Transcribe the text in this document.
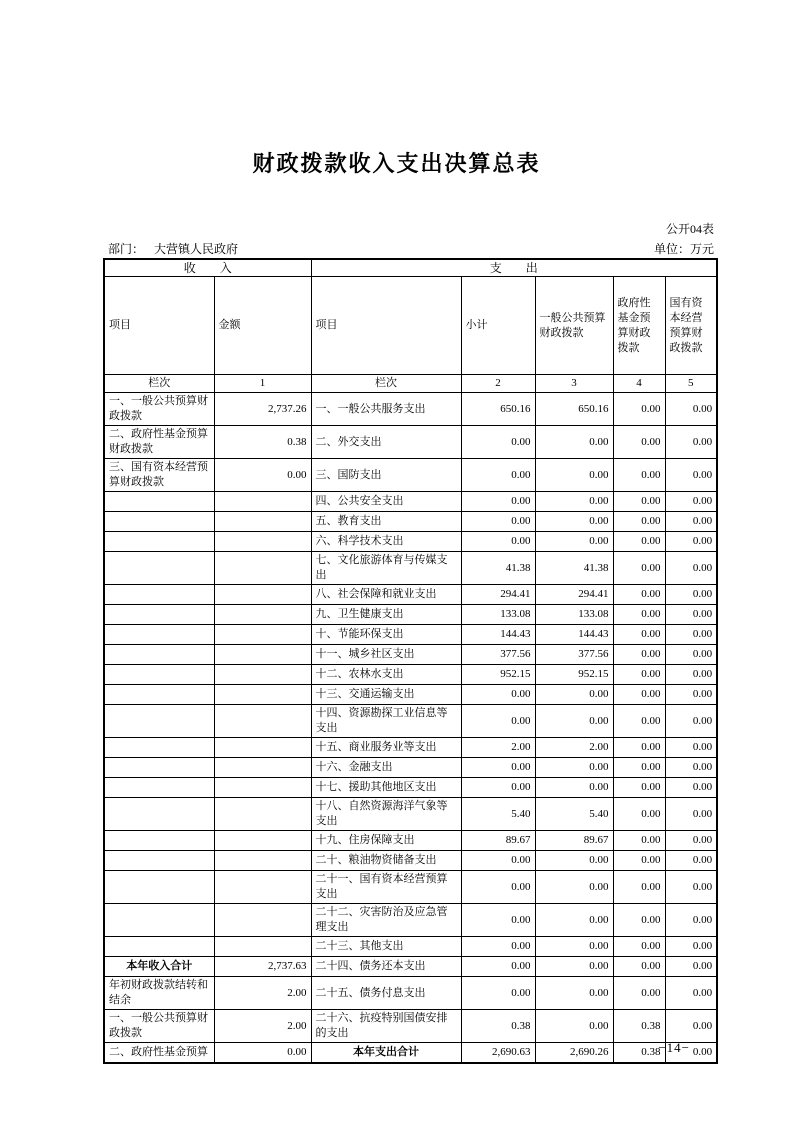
财政拨款收入支出决算总表
公开04表
部门： 大营镇人民政府	单位：万元
收　　入		支　　出				
项目	金额	项目	小计	一般公共预算财政拨款	政府性基金预算财政拨款	国有资本经营预算财政拨款
栏次	1	栏次	2	3	4	5
一、一般公共预算财政拨款	2,737.26	一、一般公共服务支出	650.16	650.16	0.00	0.00
二、政府性基金预算财政拨款	0.38	二、外交支出	0.00	0.00	0.00	0.00
三、国有资本经营预算财政拨款	0.00	三、国防支出	0.00	0.00	0.00	0.00
		四、公共安全支出	0.00	0.00	0.00	0.00
		五、教育支出	0.00	0.00	0.00	0.00
		六、科学技术支出	0.00	0.00	0.00	0.00
		七、文化旅游体育与传媒支出	41.38	41.38	0.00	0.00
		八、社会保障和就业支出	294.41	294.41	0.00	0.00
		九、卫生健康支出	133.08	133.08	0.00	0.00
		十、节能环保支出	144.43	144.43	0.00	0.00
		十一、城乡社区支出	377.56	377.56	0.00	0.00
		十二、农林水支出	952.15	952.15	0.00	0.00
		十三、交通运输支出	0.00	0.00	0.00	0.00
		十四、资源勘探工业信息等支出	0.00	0.00	0.00	0.00
		十五、商业服务业等支出	2.00	2.00	0.00	0.00
		十六、金融支出	0.00	0.00	0.00	0.00
		十七、援助其他地区支出	0.00	0.00	0.00	0.00
		十八、自然资源海洋气象等支出	5.40	5.40	0.00	0.00
		十九、住房保障支出	89.67	89.67	0.00	0.00
		二十、粮油物资储备支出	0.00	0.00	0.00	0.00
		二十一、国有资本经营预算支出	0.00	0.00	0.00	0.00
		二十二、灾害防治及应急管理支出	0.00	0.00	0.00	0.00
		二十三、其他支出	0.00	0.00	0.00	0.00
本年收入合计	2,737.63	二十四、债务还本支出	0.00	0.00	0.00	0.00
年初财政拨款结转和结余	2.00	二十五、债务付息支出	0.00	0.00	0.00	0.00
一、一般公共预算财政拨款	2.00	二十六、抗疫特别国债安排的支出	0.38	0.00	0.38	0.00
二、政府性基金预算	0.00	本年支出合计	2,690.63	2,690.26	0.38	0.00
−14−
